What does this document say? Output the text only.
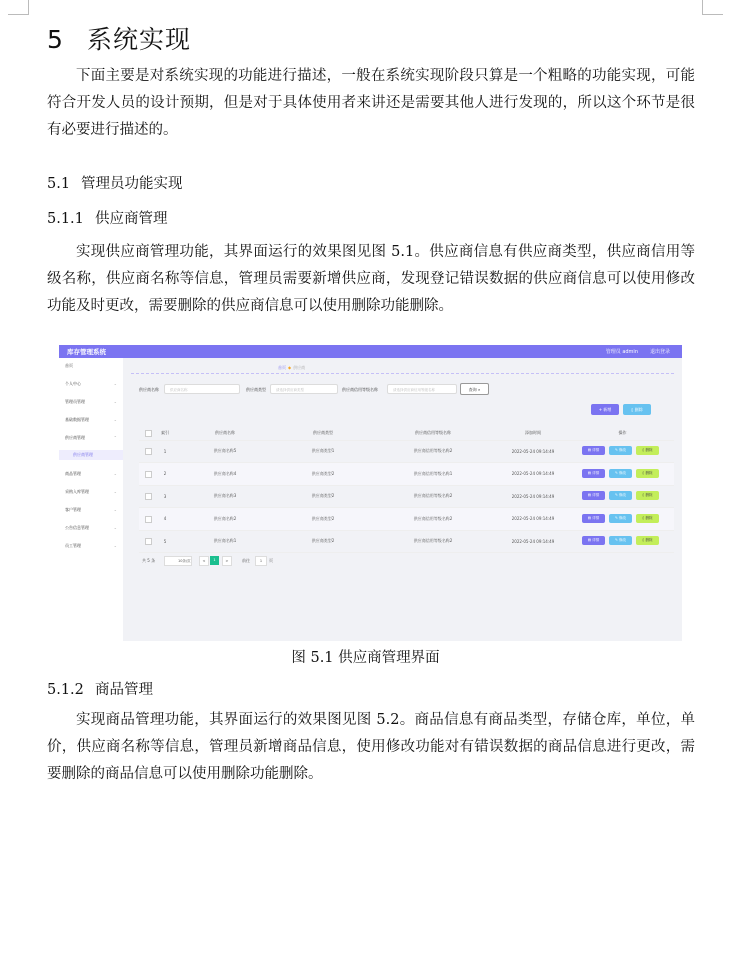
5 系统实现

下面主要是对系统实现的功能进行描述，一般在系统实现阶段只算是一个粗略的功能实现，可能符合开发人员的设计预期，但是对于具体使用者来讲还是需要其他人进行发现的，所以这个环节是很有必要进行描述的。

5.1 管理员功能实现
5.1.1 供应商管理

实现供应商管理功能，其界面运行的效果图见图 5.1。供应商信息有供应商类型，供应商信用等级名称，供应商名称等信息，管理员需要新增供应商，发现登记错误数据的供应商信息可以使用修改功能及时更改，需要删除的供应商信息可以使用删除功能删除。

库存管理系统	管理员 admin 退出登录
首页
个人中心	⌄
管理员管理	⌄
基础数据管理	⌄
供应商管理	⌃
供应商管理
商品管理	⌄
采购入库管理	⌄
客户管理	⌄
公告信息管理	⌄
员工管理	⌄
首页 ◆ 供应商
供应商名称	供应商名称	供应商类型	请选择供应商类型	供应商信用等级名称	请选择供应商信用等级名称	查询 ⌕
+ 新增	▯ 删除
索引	供应商名称	供应商类型	供应商信用等级名称	添加时间	操作
1	供应商名称5	供应商类型1	供应商信用等级名称2	2022-05-24 09:14:49	▤ 详情	✎ 修改	▯ 删除
2	供应商名称4	供应商类型2	供应商信用等级名称1	2022-05-24 09:14:49	▤ 详情	✎ 修改	▯ 删除
3	供应商名称3	供应商类型2	供应商信用等级名称2	2022-05-24 09:14:49	▤ 详情	✎ 修改	▯ 删除
4	供应商名称2	供应商类型2	供应商信用等级名称2	2022-05-24 09:14:49	▤ 详情	✎ 修改	▯ 删除
5	供应商名称1	供应商类型2	供应商信用等级名称2	2022-05-24 09:14:49	▤ 详情	✎ 修改	▯ 删除
共 5 条	10条/页	<	1	>	前往	1	页
图 5.1 供应商管理界面
5.1.2 商品管理

实现商品管理功能，其界面运行的效果图见图 5.2。商品信息有商品类型，存储仓库，单位，单价，供应商名称等信息，管理员新增商品信息，使用修改功能对有错误数据的商品信息进行更改，需要删除的商品信息可以使用删除功能删除。
